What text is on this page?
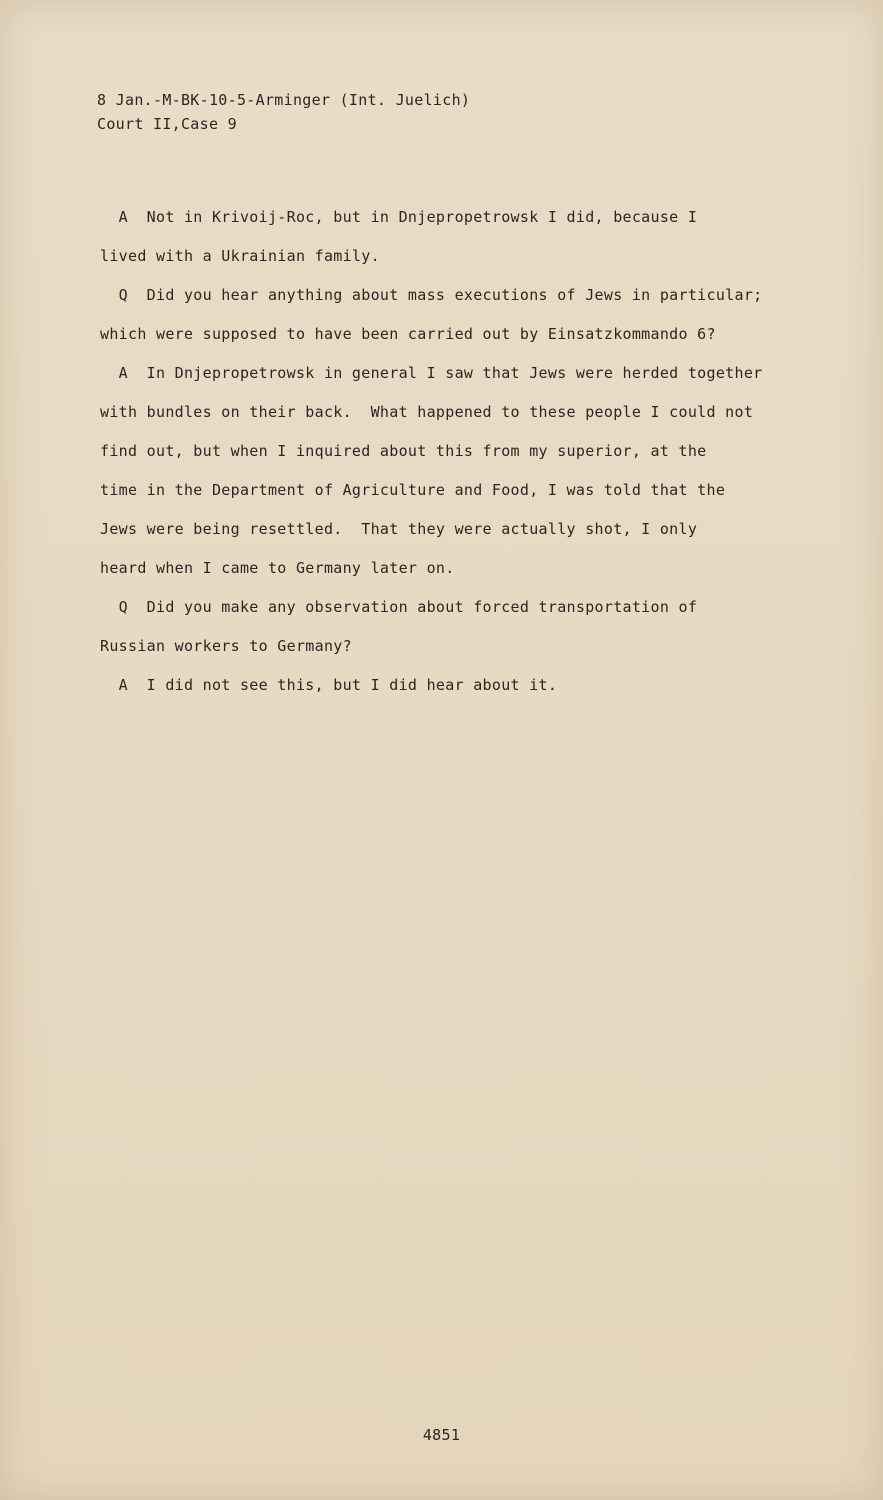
8 Jan.-M-BK-10-5-Arminger (Int. Juelich)
Court II,Case 9
A  Not in Krivoij-Roc, but in Dnjepropetrowsk I did, because I
lived with a Ukrainian family.
Q  Did you hear anything about mass executions of Jews in particular;
which were supposed to have been carried out by Einsatzkommando 6?
A  In Dnjepropetrowsk in general I saw that Jews were herded together
with bundles on their back.  What happened to these people I could not
find out, but when I inquired about this from my superior, at the
time in the Department of Agriculture and Food, I was told that the
Jews were being resettled.  That they were actually shot, I only
heard when I came to Germany later on.
Q  Did you make any observation about forced transportation of
Russian workers to Germany?
A  I did not see this, but I did hear about it.
4851
